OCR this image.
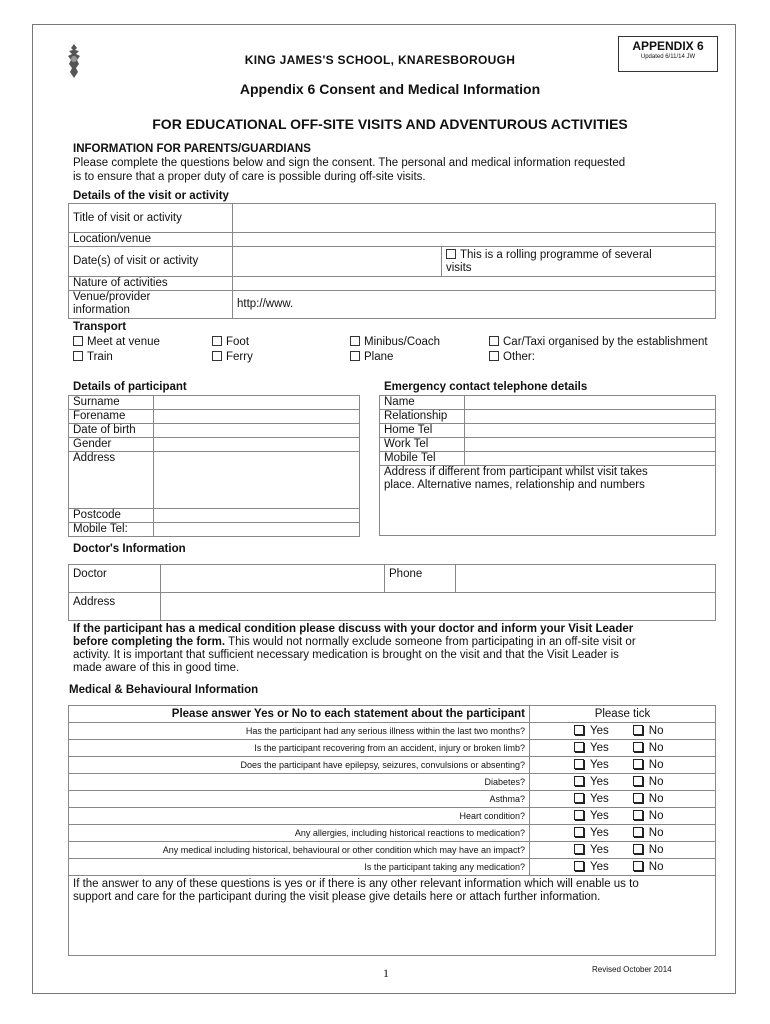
KING JAMES'S SCHOOL, KNARESBOROUGH
APPENDIX 6
Updated 6/11/14 JW
Appendix 6 Consent and Medical Information
FOR EDUCATIONAL OFF-SITE VISITS AND ADVENTUROUS ACTIVITIES
INFORMATION FOR PARENTS/GUARDIANS
Please complete the questions below and sign the consent. The personal and medical information requested
is to ensure that a proper duty of care is possible during off-site visits.
Details of the visit or activity
Title of visit or activity		
Location/venue		
Date(s) of visit or activity		This is a rolling programme of several
visits
Nature of activities		
Venue/provider
information	http://www.	
Transport
Meet at venue
Train
Foot
Ferry
Minibus/Coach
Plane
Car/Taxi organised by the establishment
Other:
Details of participant
Surname	
Forename	
Date of birth	
Gender	
Address	
Postcode	
Mobile Tel:	
Emergency contact telephone details
Name	
Relationship	
Home Tel	
Work Tel	
Mobile Tel	
Address if different from participant whilst visit takes
place. Alternative names, relationship and numbers	
Doctor's Information
Doctor		Phone	
Address			
If the participant has a medical condition please discuss with your doctor and inform your Visit Leader
before completing the form. This would not normally exclude someone from participating in an off-site visit or
activity. It is important that sufficient necessary medication is brought on the visit and that the Visit Leader is
made aware of this in good time.
Medical & Behavioural Information
Please answer Yes or No to each statement about the participant	Please tick
Has the participant had any serious illness within the last two months?	Yes No
Is the participant recovering from an accident, injury or broken limb?	Yes No
Does the participant have epilepsy, seizures, convulsions or absenting?	Yes No
Diabetes?	Yes No
Asthma?	Yes No
Heart condition?	Yes No
Any allergies, including historical reactions to medication?	Yes No
Any medical including historical, behavioural or other condition which may have an impact?	Yes No
Is the participant taking any medication?	Yes No
If the answer to any of these questions is yes or if there is any other relevant information which will enable us to
support and care for the participant during the visit please give details here or attach further information.	
1	Revised October 2014
